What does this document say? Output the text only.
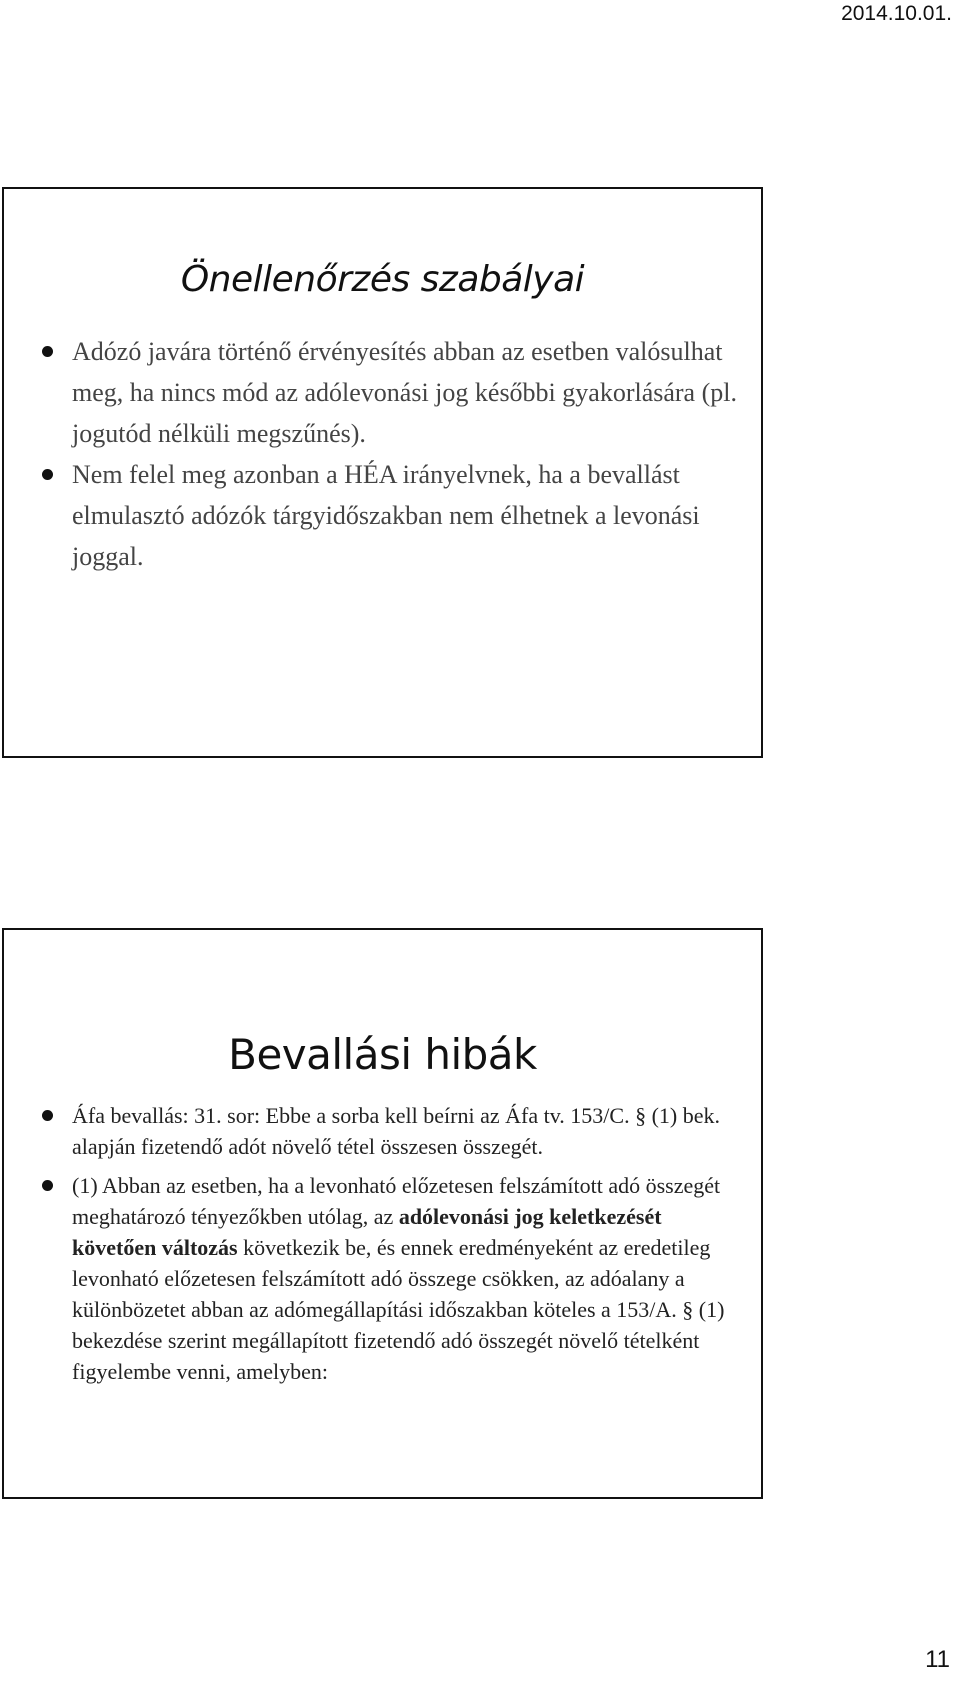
2014.10.01.
Önellenőrzés szabályai
Adózó javára történő érvényesítés abban az esetben valósulhat meg, ha nincs mód az adólevonási jog későbbi gyakorlására (pl. jogutód nélküli megszűnés).
Nem felel meg azonban a HÉA irányelvnek, ha a bevallást elmulasztó adózók tárgyidőszakban nem élhetnek a levonási joggal.
Bevallási hibák
Áfa bevallás: 31. sor: Ebbe a sorba kell beírni az Áfa tv. 153/C. § (1) bek. alapján fizetendő adót növelő tétel összesen összegét.
(1) Abban az esetben, ha a levonható előzetesen felszámított adó összegét meghatározó tényezőkben utólag, az adólevonási jog keletkezését követően változás következik be, és ennek eredményeként az eredetileg levonható előzetesen felszámított adó összege csökken, az adóalany a különbözetet abban az adómegállapítási időszakban köteles a 153/A. § (1) bekezdése szerint megállapított fizetendő adó összegét növelő tételként figyelembe venni, amelyben:
11
